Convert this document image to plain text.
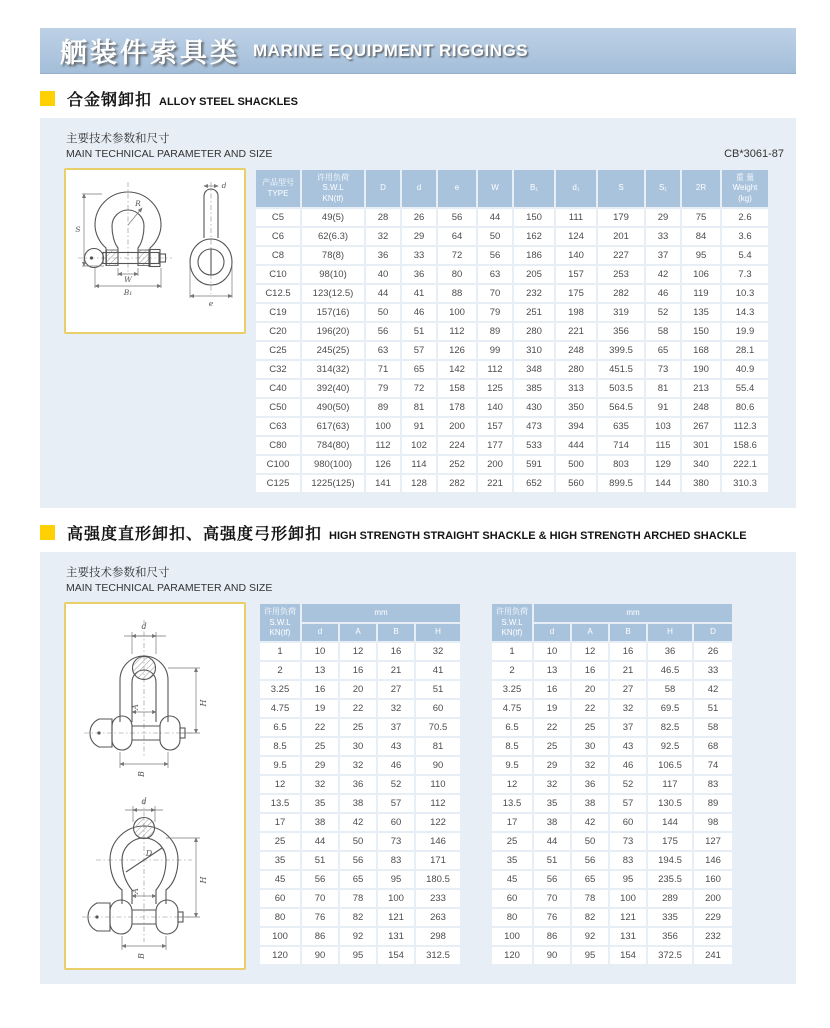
舾装件索具类 MARINE EQUIPMENT RIGGINGS
合金钢卸扣 ALLOY STEEL SHACKLES
主要技术参数和尺寸
MAIN TECHNICAL PARAMETER AND SIZE	CB*3061-87
S
W
B₁
R
d
e
产品型号
TYPE	许用负荷
S.W.L
KN(tf)	D	d	e	W	B₁	d₁	S	S₁	2R	重 量
Weight
(kg)
C5	49(5)	28	26	56	44	150	111	179	29	75	2.6
C6	62(6.3)	32	29	64	50	162	124	201	33	84	3.6
C8	78(8)	36	33	72	56	186	140	227	37	95	5.4
C10	98(10)	40	36	80	63	205	157	253	42	106	7.3
C12.5	123(12.5)	44	41	88	70	232	175	282	46	119	10.3
C19	157(16)	50	46	100	79	251	198	319	52	135	14.3
C20	196(20)	56	51	112	89	280	221	356	58	150	19.9
C25	245(25)	63	57	126	99	310	248	399.5	65	168	28.1
C32	314(32)	71	65	142	112	348	280	451.5	73	190	40.9
C40	392(40)	79	72	158	125	385	313	503.5	81	213	55.4
C50	490(50)	89	81	178	140	430	350	564.5	91	248	80.6
C63	617(63)	100	91	200	157	473	394	635	103	267	112.3
C80	784(80)	112	102	224	177	533	444	714	115	301	158.6
C100	980(100)	126	114	252	200	591	500	803	129	340	222.1
C125	1225(125)	141	128	282	221	652	560	899.5	144	380	310.3
高强度直形卸扣、高强度弓形卸扣 HIGH STRENGTH STRAIGHT SHACKLE & HIGH STRENGTH ARCHED SHACKLE
主要技术参数和尺寸
MAIN TECHNICAL PARAMETER AND SIZE
d
H
A
B
d
D
H
A
B
许用负荷
S.W.L
KN(tf)	mm			
	d	A	B	H
1	10	12	16	32
2	13	16	21	41
3.25	16	20	27	51
4.75	19	22	32	60
6.5	22	25	37	70.5
8.5	25	30	43	81
9.5	29	32	46	90
12	32	36	52	110
13.5	35	38	57	112
17	38	42	60	122
25	44	50	73	146
35	51	56	83	171
45	56	65	95	180.5
60	70	78	100	233
80	76	82	121	263
100	86	92	131	298
120	90	95	154	312.5
许用负荷
S.W.L
KN(tf)	mm				
	d	A	B	H	D
1	10	12	16	36	26
2	13	16	21	46.5	33
3.25	16	20	27	58	42
4.75	19	22	32	69.5	51
6.5	22	25	37	82.5	58
8.5	25	30	43	92.5	68
9.5	29	32	46	106.5	74
12	32	36	52	117	83
13.5	35	38	57	130.5	89
17	38	42	60	144	98
25	44	50	73	175	127
35	51	56	83	194.5	146
45	56	65	95	235.5	160
60	70	78	100	289	200
80	76	82	121	335	229
100	86	92	131	356	232
120	90	95	154	372.5	241
